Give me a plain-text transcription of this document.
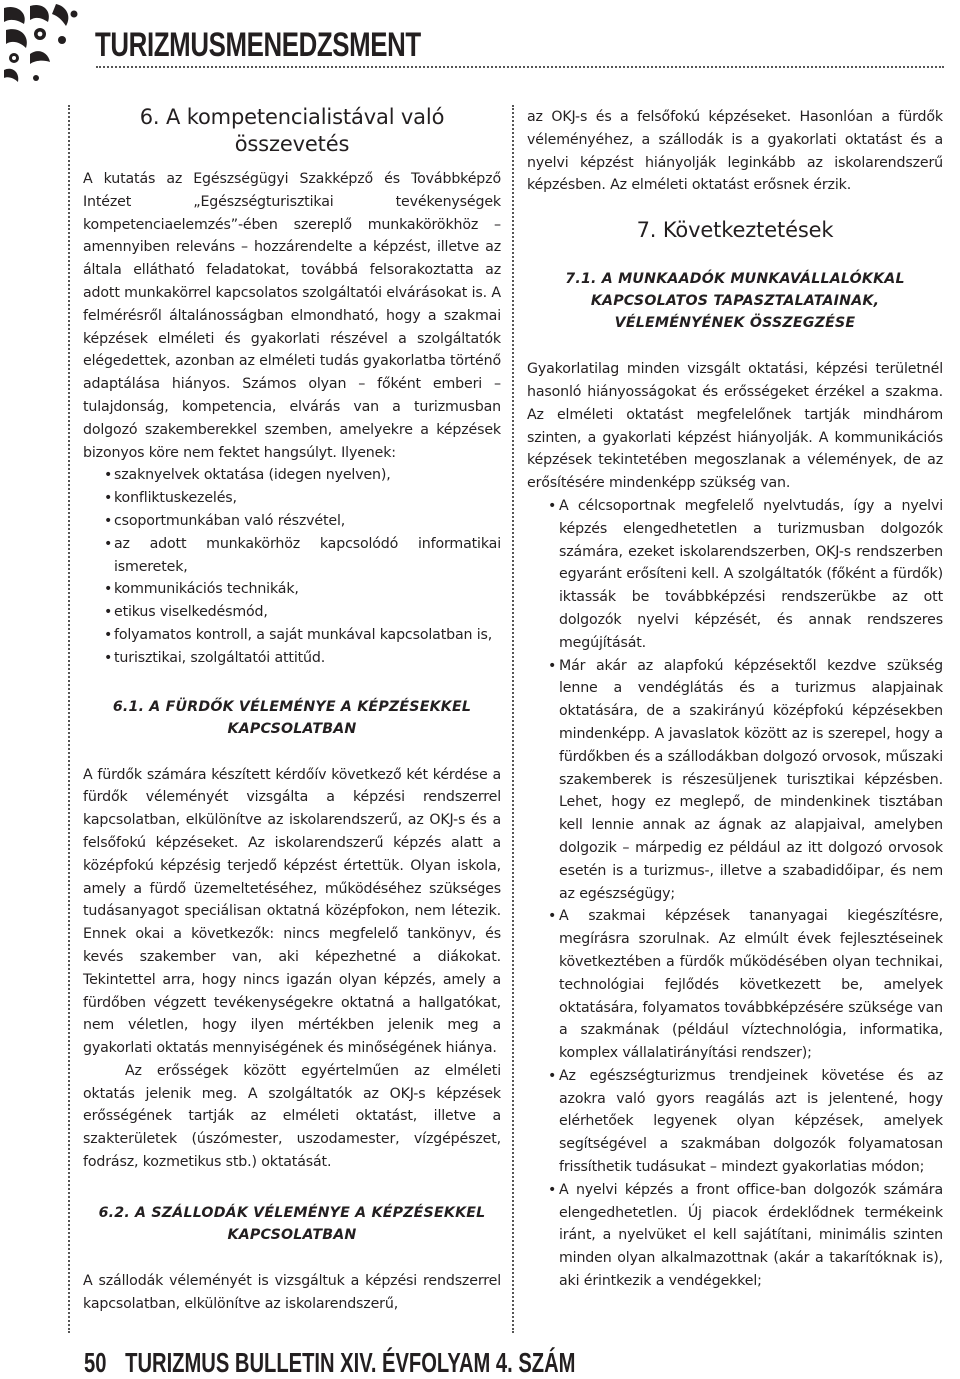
TURIZMUSMENEDZSMENT
6. A kompetencialistával való összevetés

A kutatás az Egészségügyi Szakképző és Továbbképző Intézet „Egészségturisztikai tevékenységek kompetenciaelemzés”-ében szereplő munkakörökhöz – amennyiben releváns – hozzárendelte a képzést, illetve az általa ellátható feladatokat, továbbá felsorakoztatta az adott munkakörrel kapcsolatos szolgáltatói elvárásokat is. A felmérésről általánosságban elmondható, hogy a szakmai képzések elméleti és gyakorlati részével a szolgáltatók elégedettek, azonban az elméleti tudás gyakorlatba történő adaptálása hiányos. Számos olyan – főként emberi – tulajdonság, kompetencia, elvárás van a turizmusban dolgozó szakemberekkel szemben, amelyekre a képzések bizonyos köre nem fektet hangsúlyt. Ilyenek:

• szaknyelvek oktatása (idegen nyelven),
• konfliktuskezelés,
• csoportmunkában való részvétel,
• az adott munkakörhöz kapcsolódó informatikai ismeretek,
• kommunikációs technikák,
• etikus viselkedésmód,
• folyamatos kontroll, a saját munkával kapcsolatban is,
• turisztikai, szolgáltatói attitűd.
6.1. A FÜRDŐK VÉLEMÉNYE A KÉPZÉSEKKEL KAPCSOLATBAN

A fürdők számára készített kérdőív következő két kérdése a fürdők véleményét vizsgálta a képzési rendszerrel kapcsolatban, elkülönítve az iskolarendszerű, az OKJ-s és a felsőfokú képzéseket. Az iskolarendszerű képzés alatt a középfokú képzésig terjedő képzést értettük. Olyan iskola, amely a fürdő üzemeltetéséhez, működéséhez szükséges tudásanyagot speciálisan oktatná középfokon, nem létezik. Ennek okai a következők: nincs megfelelő tankönyv, és kevés szakember van, aki képezhetné a diákokat. Tekintettel arra, hogy nincs igazán olyan képzés, amely a fürdőben végzett tevékenységekre oktatná a hallgatókat, nem véletlen, hogy ilyen mértékben jelenik meg a gyakorlati oktatás mennyiségének és minőségének hiánya.

Az erősségek között egyértelműen az elméleti oktatás jelenik meg. A szolgáltatók az OKJ-s képzések erősségének tartják az elméleti oktatást, illetve a szakterületek (úszómester, uszodamester, vízgépészet, fodrász, kozmetikus stb.) oktatását.

6.2. A SZÁLLODÁK VÉLEMÉNYE A KÉPZÉSEKKEL KAPCSOLATBAN

A szállodák véleményét is vizsgáltuk a képzési rendszerrel kapcsolatban, elkülönítve az iskolarendszerű,

az OKJ-s és a felsőfokú képzéseket. Hasonlóan a fürdők véleményéhez, a szállodák is a gyakorlati oktatást és a nyelvi képzést hiányolják leginkább az iskolarendszerű képzésben. Az elméleti oktatást erősnek érzik.

7. Következtetések
7.1. A MUNKAADÓK MUNKAVÁLLALÓKKAL KAPCSOLATOS TAPASZTALATAINAK, VÉLEMÉNYÉNEK ÖSSZEGZÉSE

Gyakorlatilag minden vizsgált oktatási, képzési területnél hasonló hiányosságokat és erősségeket érzékel a szakma. Az elméleti oktatást megfelelőnek tartják mindhárom szinten, a gyakorlati képzést hiányolják. A kommunikációs képzések tekintetében megoszlanak a vélemények, de az erősítésére mindenképp szükség van.

• A célcsoportnak megfelelő nyelvtudás, így a nyelvi képzés elengedhetetlen a turizmusban dolgozók számára, ezeket iskolarendszerben, OKJ-s rendszerben egyaránt erősíteni kell. A szolgáltatók (főként a fürdők) iktassák be továbbképzési rendszerükbe az ott dolgozók nyelvi képzését, és annak rendszeres megújítását.
• Már akár az alapfokú képzésektől kezdve szükség lenne a vendéglátás és a turizmus alapjainak oktatására, de a szakirányú középfokú képzésekben mindenképp. A javaslatok között az is szerepel, hogy a fürdőkben és a szállodákban dolgozó orvosok, műszaki szakemberek is részesüljenek turisztikai képzésben. Lehet, hogy ez meglepő, de mindenkinek tisztában kell lennie annak az ágnak az alapjaival, amelyben dolgozik – márpedig ez például az itt dolgozó orvosok esetén is a turizmus-, illetve a szabadidőipar, és nem az egészségügy;
• A szakmai képzések tananyagai kiegészítésre, megírásra szorulnak. Az elmúlt évek fejlesztéseinek következtében a fürdők működésében olyan technikai, technológiai fejlődés következett be, amelyek oktatására, folyamatos továbbképzésére szüksége van a szakmának (például víztechnológia, informatika, komplex vállalatirányítási rendszer);
• Az egészségturizmus trendjeinek követése és az azokra való gyors reagálás azt is jelentené, hogy elérhetőek legyenek olyan képzések, amelyek segítségével a szakmában dolgozók folyamatosan frissíthetik tudásukat – mindezt gyakorlatias módon;
• A nyelvi képzés a front office-ban dolgozók számára elengedhetetlen. Új piacok érdeklődnek termékeink iránt, a nyelvüket el kell sajátítani, minimális szinten minden olyan alkalmazottnak (akár a takarítóknak is), aki érintkezik a vendégekkel;
50 TURIZMUS BULLETIN XIV. ÉVFOLYAM 4. SZÁM
